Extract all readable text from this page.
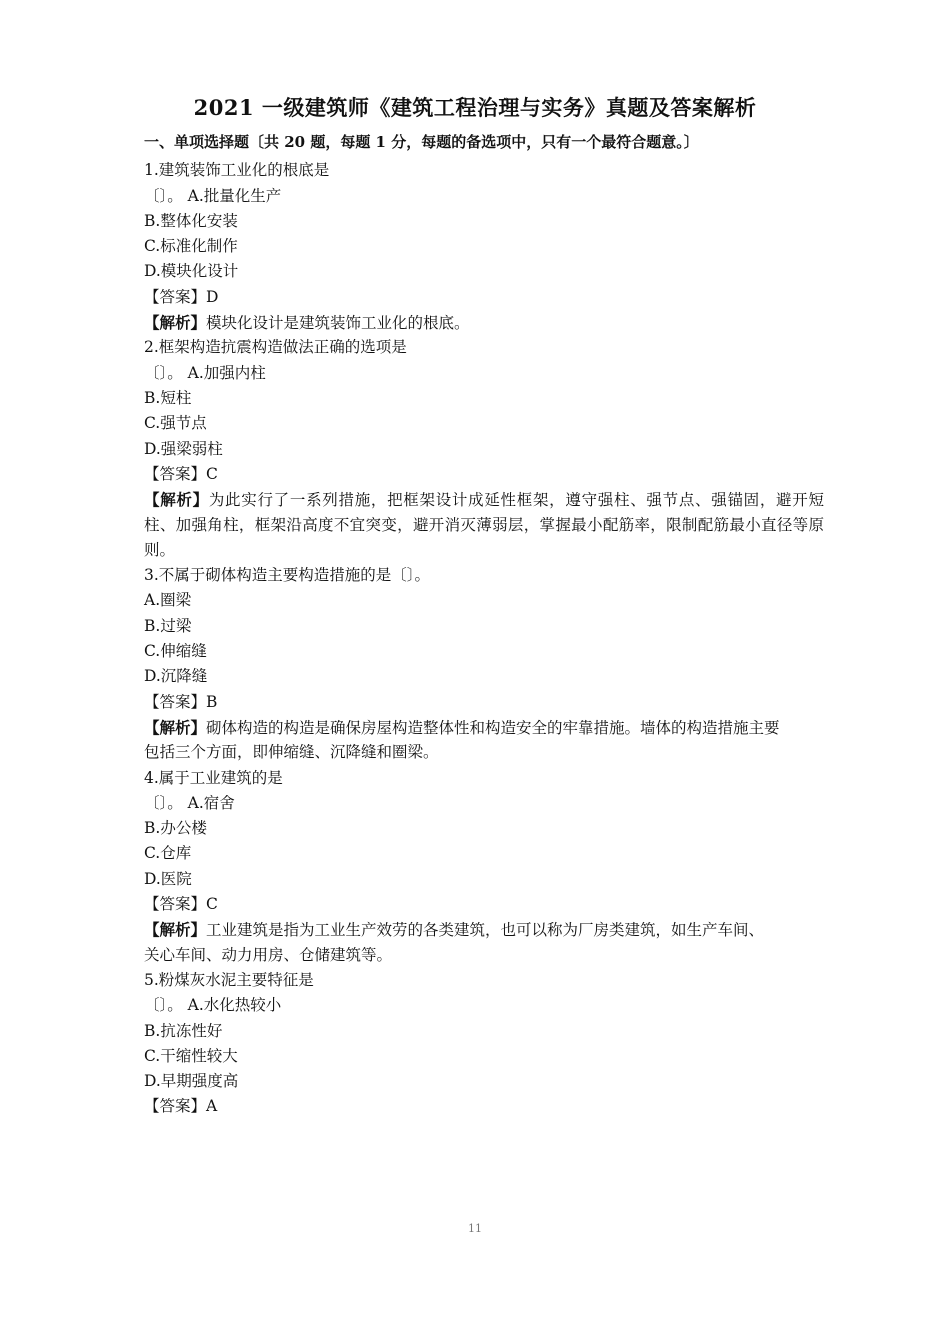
2021 一级建筑师《建筑工程治理与实务》真题及答案解析
一、单项选择题〔共 20 题，每题 1 分，每题的备选项中，只有一个最符合题意。〕
1.建筑装饰工业化的根底是
〔〕。 A.批量化生产
B.整体化安装
C.标准化制作
D.模块化设计
【答案】D
【解析】模块化设计是建筑装饰工业化的根底。
2.框架构造抗震构造做法正确的选项是
〔〕。 A.加强内柱
B.短柱
C.强节点
D.强梁弱柱
【答案】C
【解析】为此实行了一系列措施，把框架设计成延性框架，遵守强柱、强节点、强锚固，避开短柱、加强角柱，框架沿高度不宜突变，避开消灭薄弱层，掌握最小配筋率，限制配筋最小直径等原则。
3.不属于砌体构造主要构造措施的是〔〕。
A.圈梁
B.过梁
C.伸缩缝
D.沉降缝
【答案】B
【解析】砌体构造的构造是确保房屋构造整体性和构造安全的牢靠措施。墙体的构造措施主要
包括三个方面，即伸缩缝、沉降缝和圈梁。
4.属于工业建筑的是
〔〕。 A.宿舍
B.办公楼
C.仓库
D.医院
【答案】C
【解析】工业建筑是指为工业生产效劳的各类建筑，也可以称为厂房类建筑，如生产车间、
关心车间、动力用房、仓储建筑等。
5.粉煤灰水泥主要特征是
〔〕。 A.水化热较小
B.抗冻性好
C.干缩性较大
D.早期强度高
【答案】A
11
